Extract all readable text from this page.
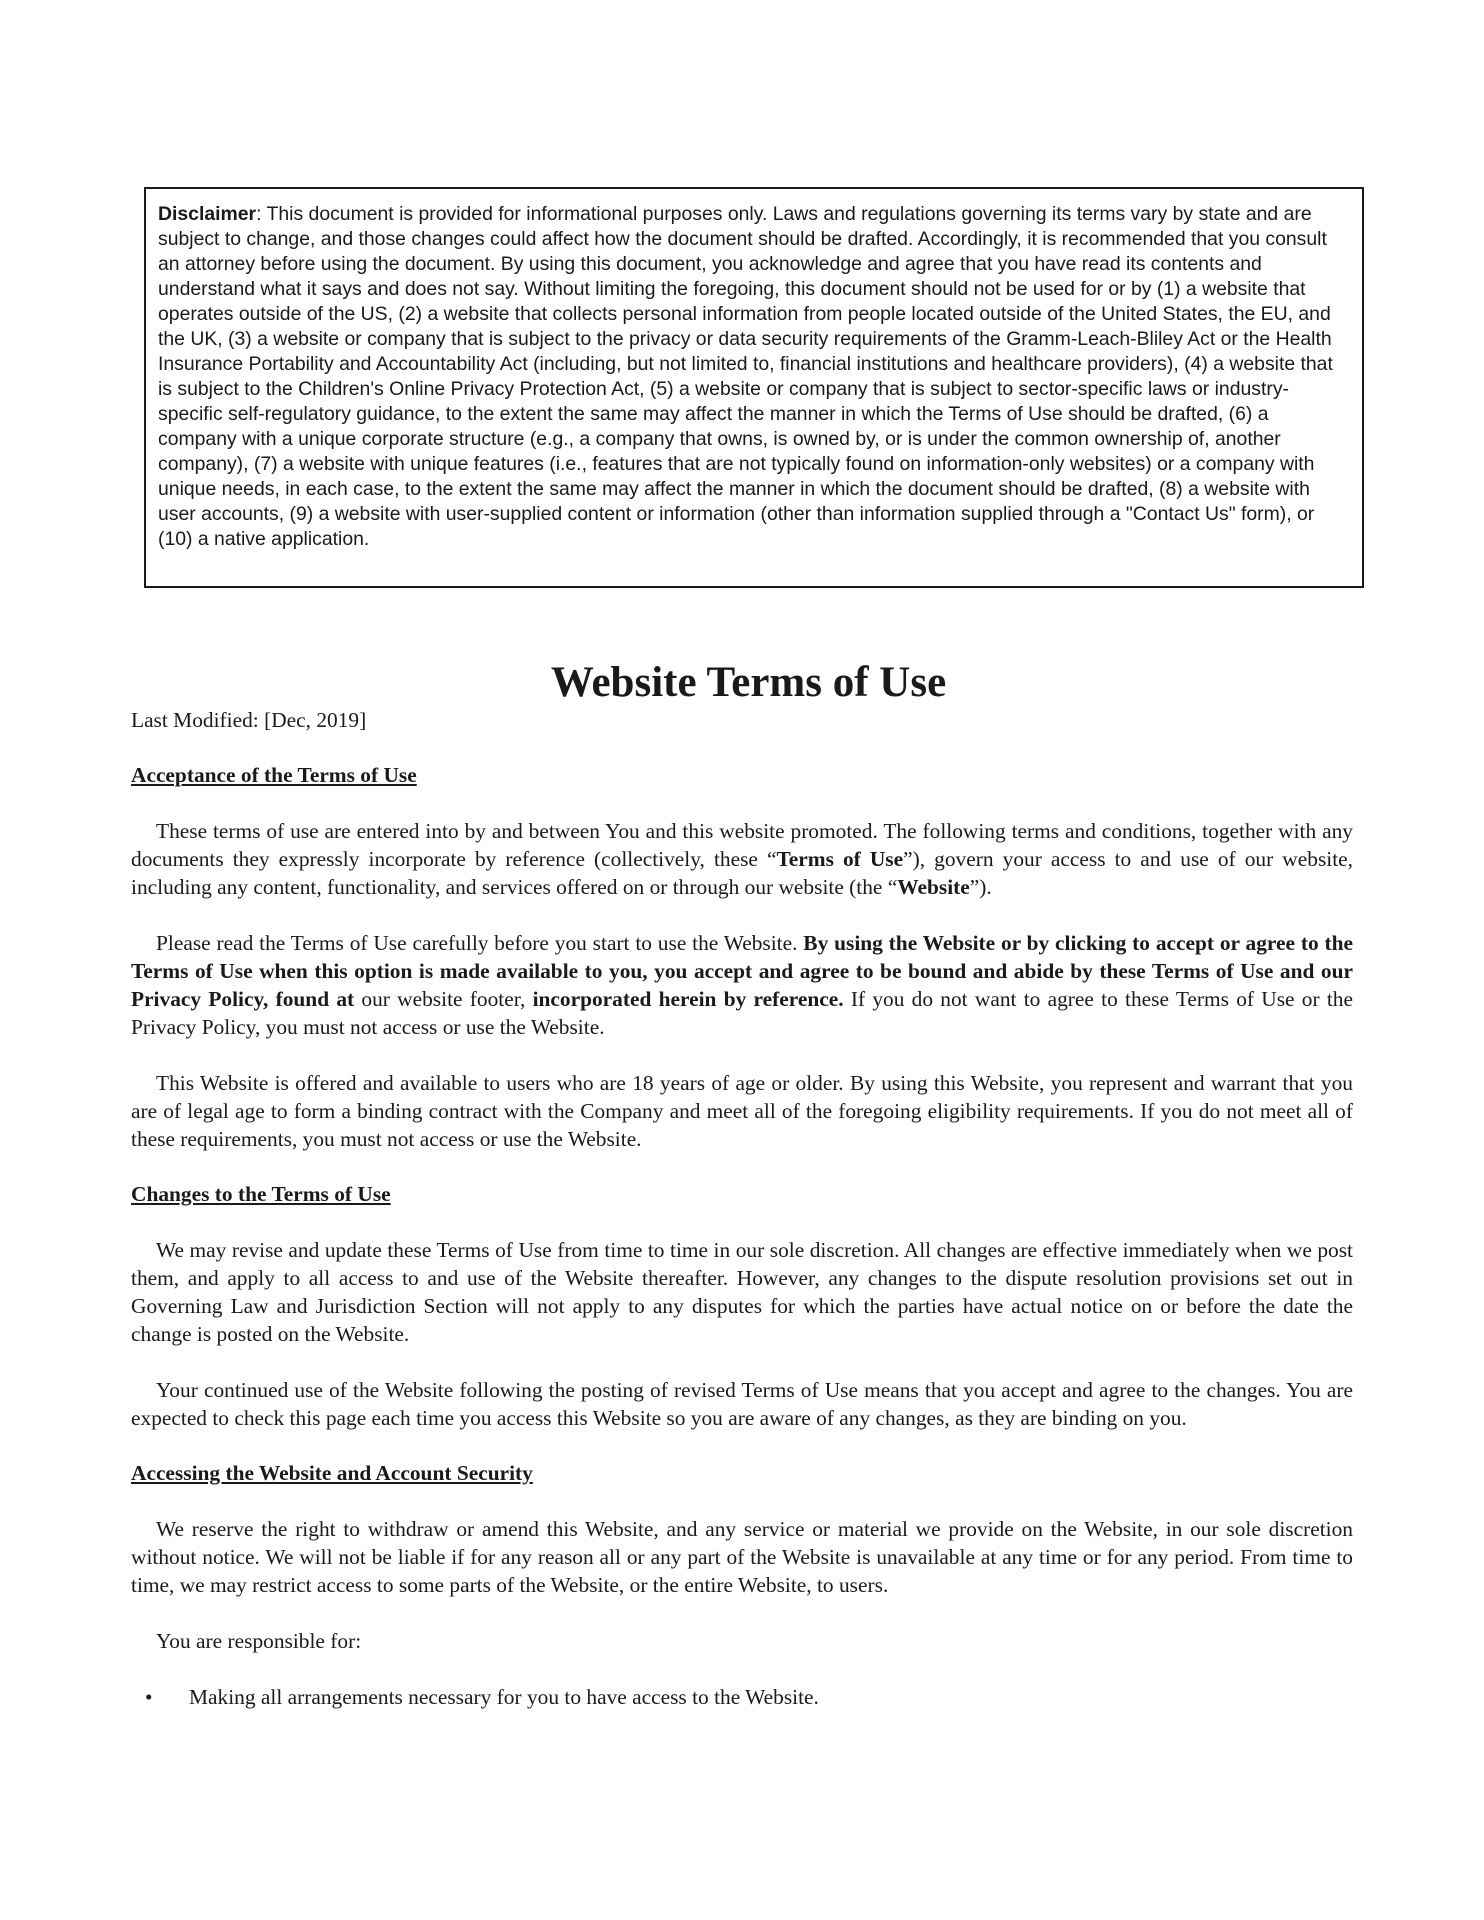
Disclaimer: This document is provided for informational purposes only. Laws and regulations governing its terms vary by state and are subject to change, and those changes could affect how the document should be drafted. Accordingly, it is recommended that you consult an attorney before using the document. By using this document, you acknowledge and agree that you have read its contents and understand what it says and does not say. Without limiting the foregoing, this document should not be used for or by (1) a website that operates outside of the US, (2) a website that collects personal information from people located outside of the United States, the EU, and the UK, (3) a website or company that is subject to the privacy or data security requirements of the Gramm-Leach-Bliley Act or the Health Insurance Portability and Accountability Act (including, but not limited to, financial institutions and healthcare providers), (4) a website that is subject to the Children's Online Privacy Protection Act, (5) a website or company that is subject to sector-specific laws or industry-specific self-regulatory guidance, to the extent the same may affect the manner in which the Terms of Use should be drafted, (6) a company with a unique corporate structure (e.g., a company that owns, is owned by, or is under the common ownership of, another company), (7) a website with unique features (i.e., features that are not typically found on information-only websites) or a company with unique needs, in each case, to the extent the same may affect the manner in which the document should be drafted, (8) a website with user accounts, (9) a website with user-supplied content or information (other than information supplied through a "Contact Us" form), or (10) a native application.
Website Terms of Use

Last Modified: [Dec, 2019]

Acceptance of the Terms of Use

These terms of use are entered into by and between You and this website promoted. The following terms and conditions, together with any documents they expressly incorporate by reference (collectively, these “Terms of Use”), govern your access to and use of our website, including any content, functionality, and services offered on or through our website (the “Website”).

Please read the Terms of Use carefully before you start to use the Website. By using the Website or by clicking to accept or agree to the Terms of Use when this option is made available to you, you accept and agree to be bound and abide by these Terms of Use and our Privacy Policy, found at our website footer, incorporated herein by reference. If you do not want to agree to these Terms of Use or the Privacy Policy, you must not access or use the Website.

This Website is offered and available to users who are 18 years of age or older. By using this Website, you represent and warrant that you are of legal age to form a binding contract with the Company and meet all of the foregoing eligibility requirements. If you do not meet all of these requirements, you must not access or use the Website.

Changes to the Terms of Use

We may revise and update these Terms of Use from time to time in our sole discretion. All changes are effective immediately when we post them, and apply to all access to and use of the Website thereafter. However, any changes to the dispute resolution provisions set out in Governing Law and Jurisdiction Section will not apply to any disputes for which the parties have actual notice on or before the date the change is posted on the Website.

Your continued use of the Website following the posting of revised Terms of Use means that you accept and agree to the changes. You are expected to check this page each time you access this Website so you are aware of any changes, as they are binding on you.

Accessing the Website and Account Security

We reserve the right to withdraw or amend this Website, and any service or material we provide on the Website, in our sole discretion without notice. We will not be liable if for any reason all or any part of the Website is unavailable at any time or for any period. From time to time, we may restrict access to some parts of the Website, or the entire Website, to users.

You are responsible for:

• Making all arrangements necessary for you to have access to the Website.
